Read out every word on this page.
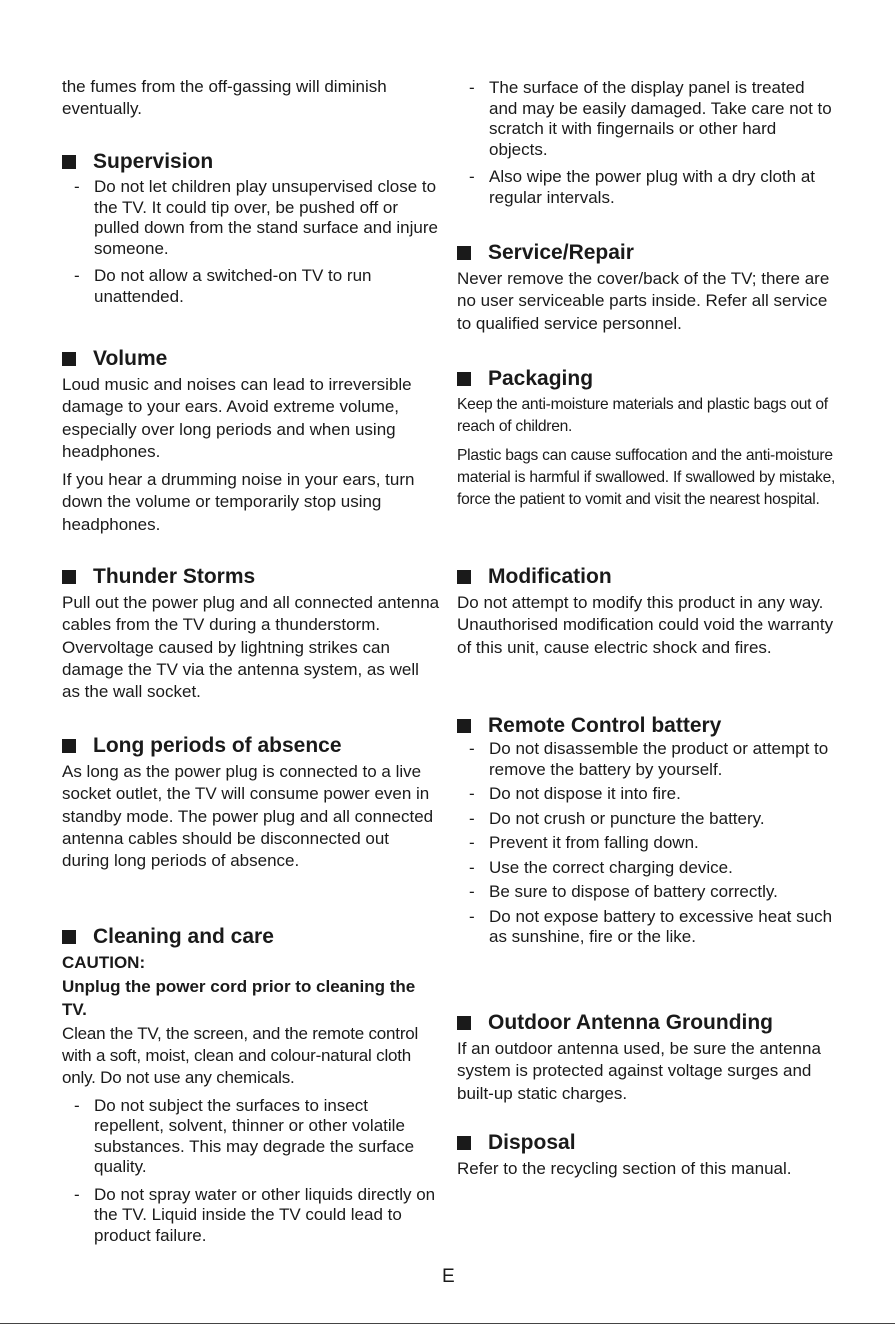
the fumes from the off-gassing will diminish eventually.

Supervision
- Do not let children play unsupervised close to the TV. It could tip over, be pushed off or pulled down from the stand surface and injure someone.
- Do not allow a switched-on TV to run unattended.
Volume

Loud music and noises can lead to irreversible damage to your ears. Avoid extreme volume, especially over long periods and when using headphones.

If you hear a drumming noise in your ears, turn down the volume or temporarily stop using headphones.

Thunder Storms

Pull out the power plug and all connected antenna cables from the TV during a thunderstorm. Overvoltage caused by lightning strikes can damage the TV via the antenna system, as well as the wall socket.

Long periods of absence

As long as the power plug is connected to a live socket outlet, the TV will consume power even in standby mode. The power plug and all connected antenna cables should be disconnected out during long periods of absence.

Cleaning and care

CAUTION:

Unplug the power cord prior to cleaning the TV.

Clean the TV, the screen, and the remote control with a soft, moist, clean and colour-natural cloth only. Do not use any chemicals.

- Do not subject the surfaces to insect repellent, solvent, thinner or other volatile substances. This may degrade the surface quality.
- Do not spray water or other liquids directly on the TV. Liquid inside the TV could lead to product failure.
- The surface of the display panel is treated and may be easily damaged. Take care not to scratch it with fingernails or other hard objects.
- Also wipe the power plug with a dry cloth at regular intervals.
Service/Repair

Never remove the cover/back of the TV; there are no user serviceable parts inside. Refer all service to qualified service personnel.

Packaging

Keep the anti-moisture materials and plastic bags out of reach of children.

Plastic bags can cause suffocation and the anti-moisture material is harmful if swallowed. If swallowed by mistake, force the patient to vomit and visit the nearest hospital.

Modification

Do not attempt to modify this product in any way. Unauthorised modification could void the warranty of this unit, cause electric shock and fires.

Remote Control battery
- Do not disassemble the product or attempt to remove the battery by yourself.
- Do not dispose it into fire.
- Do not crush or puncture the battery.
- Prevent it from falling down.
- Use the correct charging device.
- Be sure to dispose of battery correctly.
- Do not expose battery to excessive heat such as sunshine, fire or the like.
Outdoor Antenna Grounding

If an outdoor antenna used, be sure the antenna system is protected against voltage surges and built-up static charges.

Disposal

Refer to the recycling section of this manual.

E
